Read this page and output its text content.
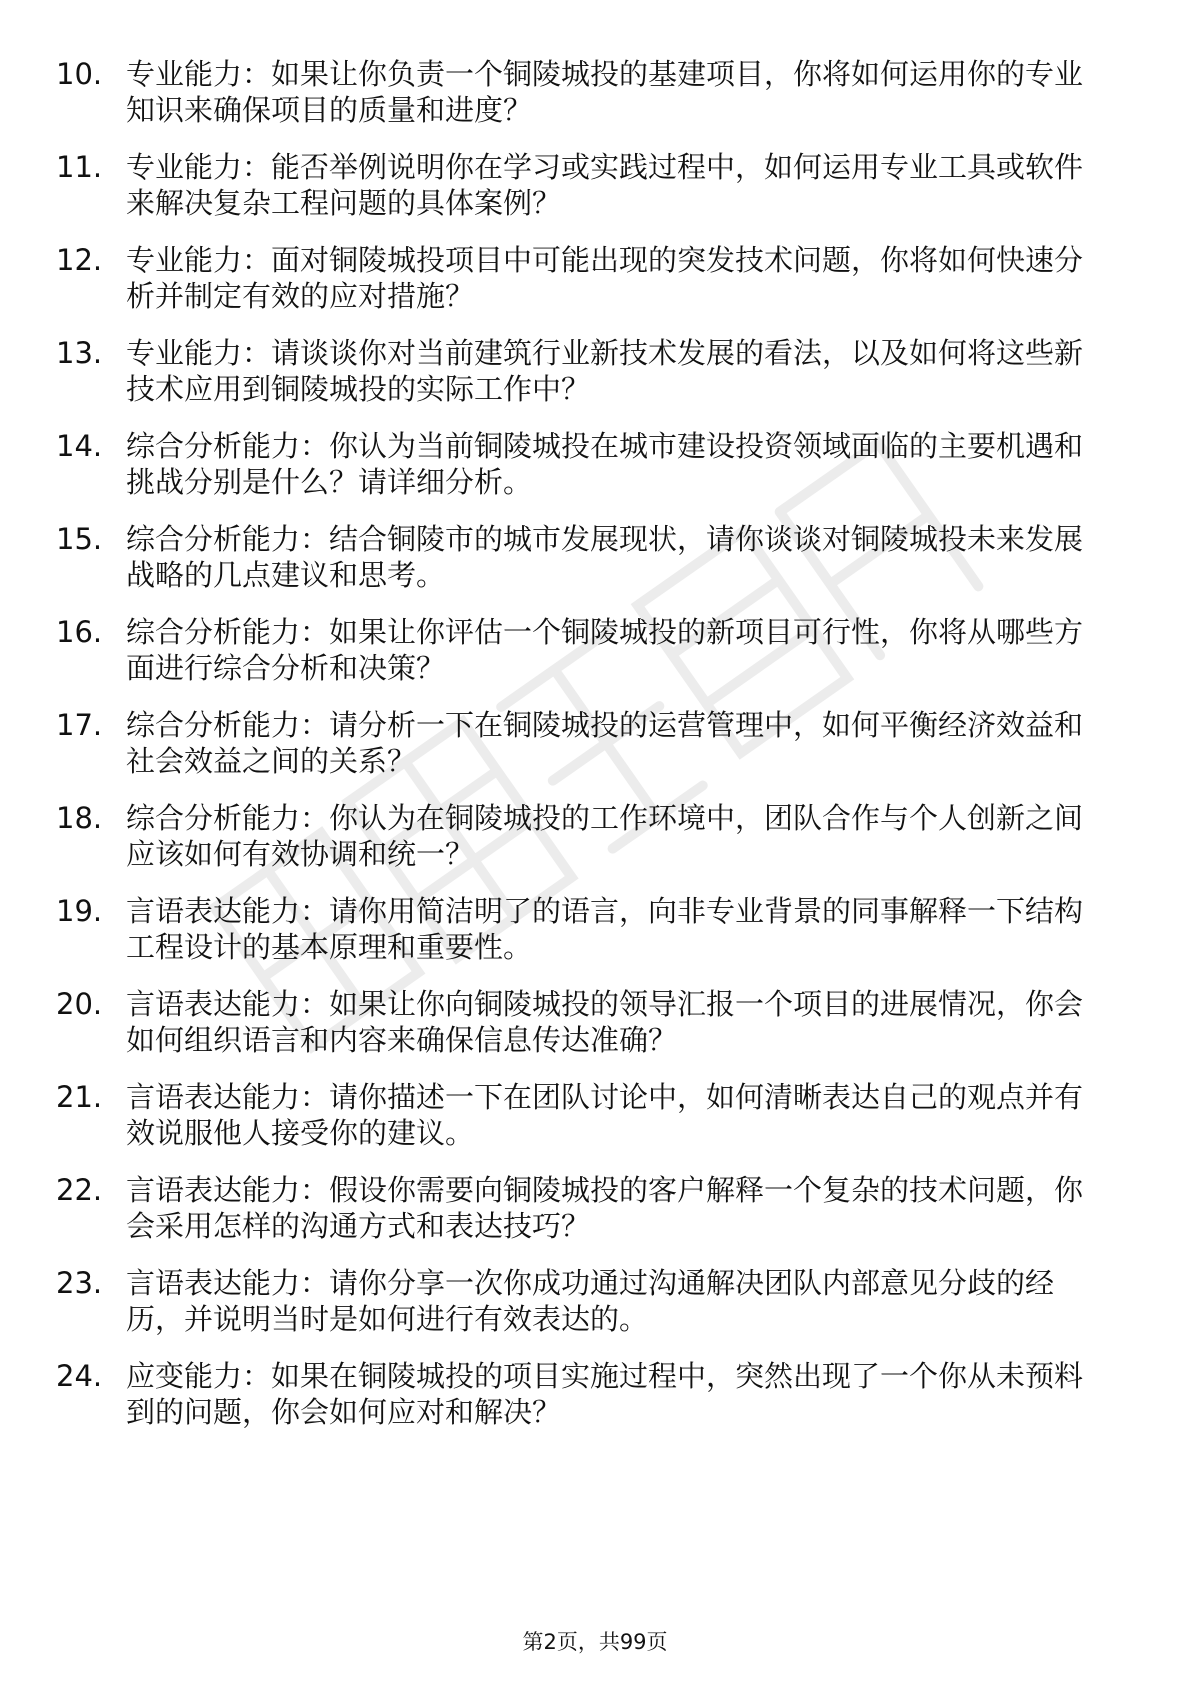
10. 专业能力：如果让你负责一个铜陵城投的基建项目，你将如何运用你的专业知识来确保项目的质量和进度？
11. 专业能力：能否举例说明你在学习或实践过程中，如何运用专业工具或软件来解决复杂工程问题的具体案例？
12. 专业能力：面对铜陵城投项目中可能出现的突发技术问题，你将如何快速分析并制定有效的应对措施？
13. 专业能力：请谈谈你对当前建筑行业新技术发展的看法，以及如何将这些新技术应用到铜陵城投的实际工作中？
14. 综合分析能力：你认为当前铜陵城投在城市建设投资领域面临的主要机遇和挑战分别是什么？请详细分析。
15. 综合分析能力：结合铜陵市的城市发展现状，请你谈谈对铜陵城投未来发展战略的几点建议和思考。
16. 综合分析能力：如果让你评估一个铜陵城投的新项目可行性，你将从哪些方面进行综合分析和决策？
17. 综合分析能力：请分析一下在铜陵城投的运营管理中，如何平衡经济效益和社会效益之间的关系？
18. 综合分析能力：你认为在铜陵城投的工作环境中，团队合作与个人创新之间应该如何有效协调和统一？
19. 言语表达能力：请你用简洁明了的语言，向非专业背景的同事解释一下结构工程设计的基本原理和重要性。
20. 言语表达能力：如果让你向铜陵城投的领导汇报一个项目的进展情况，你会如何组织语言和内容来确保信息传达准确？
21. 言语表达能力：请你描述一下在团队讨论中，如何清晰表达自己的观点并有效说服他人接受你的建议。
22. 言语表达能力：假设你需要向铜陵城投的客户解释一个复杂的技术问题，你会采用怎样的沟通方式和表达技巧？
23. 言语表达能力：请你分享一次你成功通过沟通解决团队内部意见分歧的经历，并说明当时是如何进行有效表达的。
24. 应变能力：如果在铜陵城投的项目实施过程中，突然出现了一个你从未预料到的问题，你会如何应对和解决？
第2页，共99页
